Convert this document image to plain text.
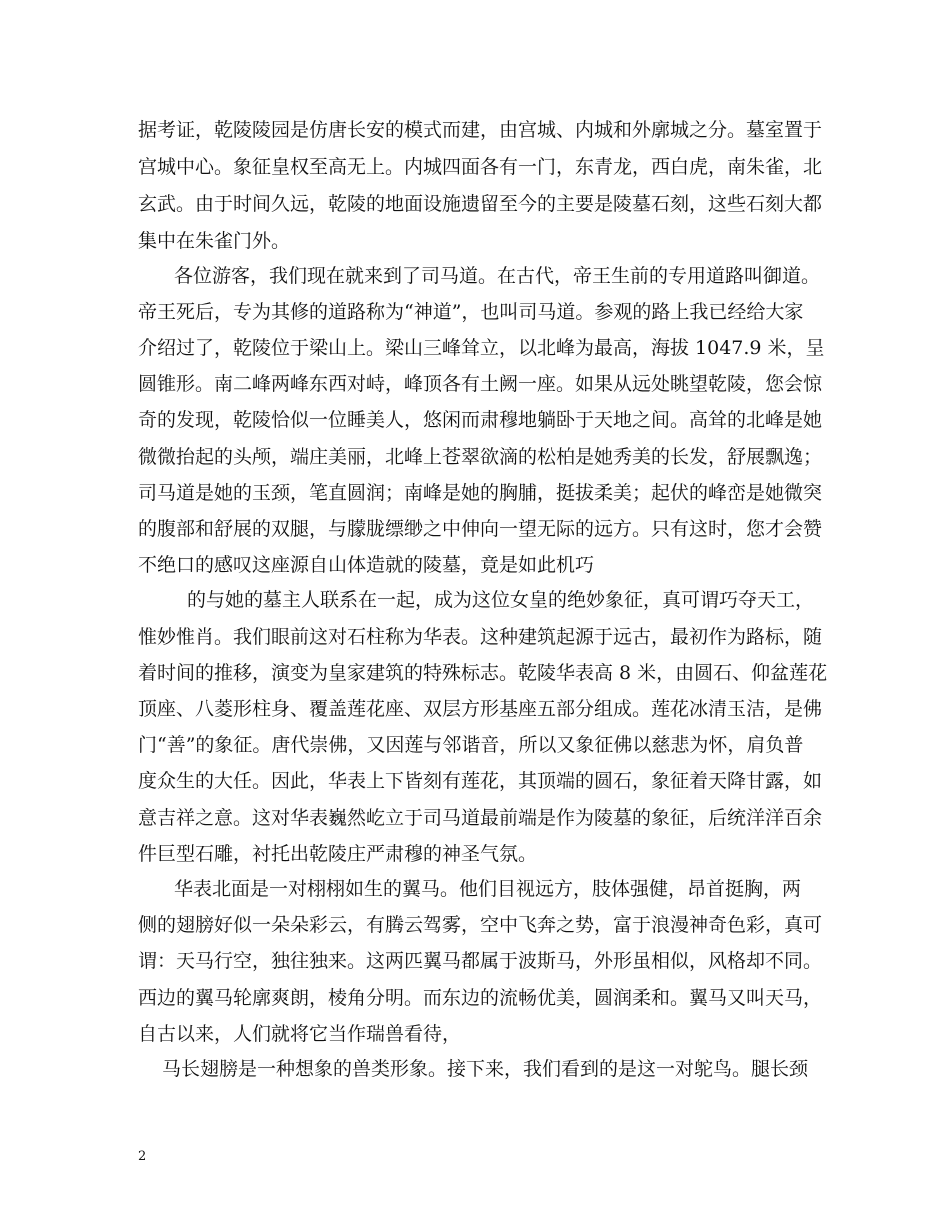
据考证，乾陵陵园是仿唐长安的模式而建，由宫城、内城和外廓城之分。墓室置于
宫城中心。象征皇权至高无上。内城四面各有一门，东青龙，西白虎，南朱雀，北
玄武。由于时间久远，乾陵的地面设施遗留至今的主要是陵墓石刻，这些石刻大都
集中在朱雀门外。
各位游客，我们现在就来到了司马道。在古代，帝王生前的专用道路叫御道。
帝王死后，专为其修的道路称为“神道”，也叫司马道。参观的路上我已经给大家
介绍过了，乾陵位于梁山上。梁山三峰耸立，以北峰为最高，海拔 1047.9 米，呈
圆锥形。南二峰两峰东西对峙，峰顶各有土阙一座。如果从远处眺望乾陵，您会惊
奇的发现，乾陵恰似一位睡美人，悠闲而肃穆地躺卧于天地之间。高耸的北峰是她
微微抬起的头颅，端庄美丽，北峰上苍翠欲滴的松柏是她秀美的长发，舒展飘逸；
司马道是她的玉颈，笔直圆润；南峰是她的胸脯，挺拔柔美；起伏的峰峦是她微突
的腹部和舒展的双腿，与朦胧缥缈之中伸向一望无际的远方。只有这时，您才会赞
不绝口的感叹这座源自山体造就的陵墓，竟是如此机巧
的与她的墓主人联系在一起，成为这位女皇的绝妙象征，真可谓巧夺天工，
惟妙惟肖。我们眼前这对石柱称为华表。这种建筑起源于远古，最初作为路标，随
着时间的推移，演变为皇家建筑的特殊标志。乾陵华表高 8 米，由圆石、仰盆莲花
顶座、八菱形柱身、覆盖莲花座、双层方形基座五部分组成。莲花冰清玉洁，是佛
门“善”的象征。唐代崇佛，又因莲与邻谐音，所以又象征佛以慈悲为怀，肩负普
度众生的大任。因此，华表上下皆刻有莲花，其顶端的圆石，象征着天降甘露，如
意吉祥之意。这对华表巍然屹立于司马道最前端是作为陵墓的象征，后统洋洋百余
件巨型石雕，衬托出乾陵庄严肃穆的神圣气氛。
华表北面是一对栩栩如生的翼马。他们目视远方，肢体强健，昂首挺胸，两
侧的翅膀好似一朵朵彩云，有腾云驾雾，空中飞奔之势，富于浪漫神奇色彩，真可
谓：天马行空，独往独来。这两匹翼马都属于波斯马，外形虽相似，风格却不同。
西边的翼马轮廓爽朗，棱角分明。而东边的流畅优美，圆润柔和。翼马又叫天马，
自古以来，人们就将它当作瑞兽看待，
马长翅膀是一种想象的兽类形象。接下来，我们看到的是这一对鸵鸟。腿长颈
2
